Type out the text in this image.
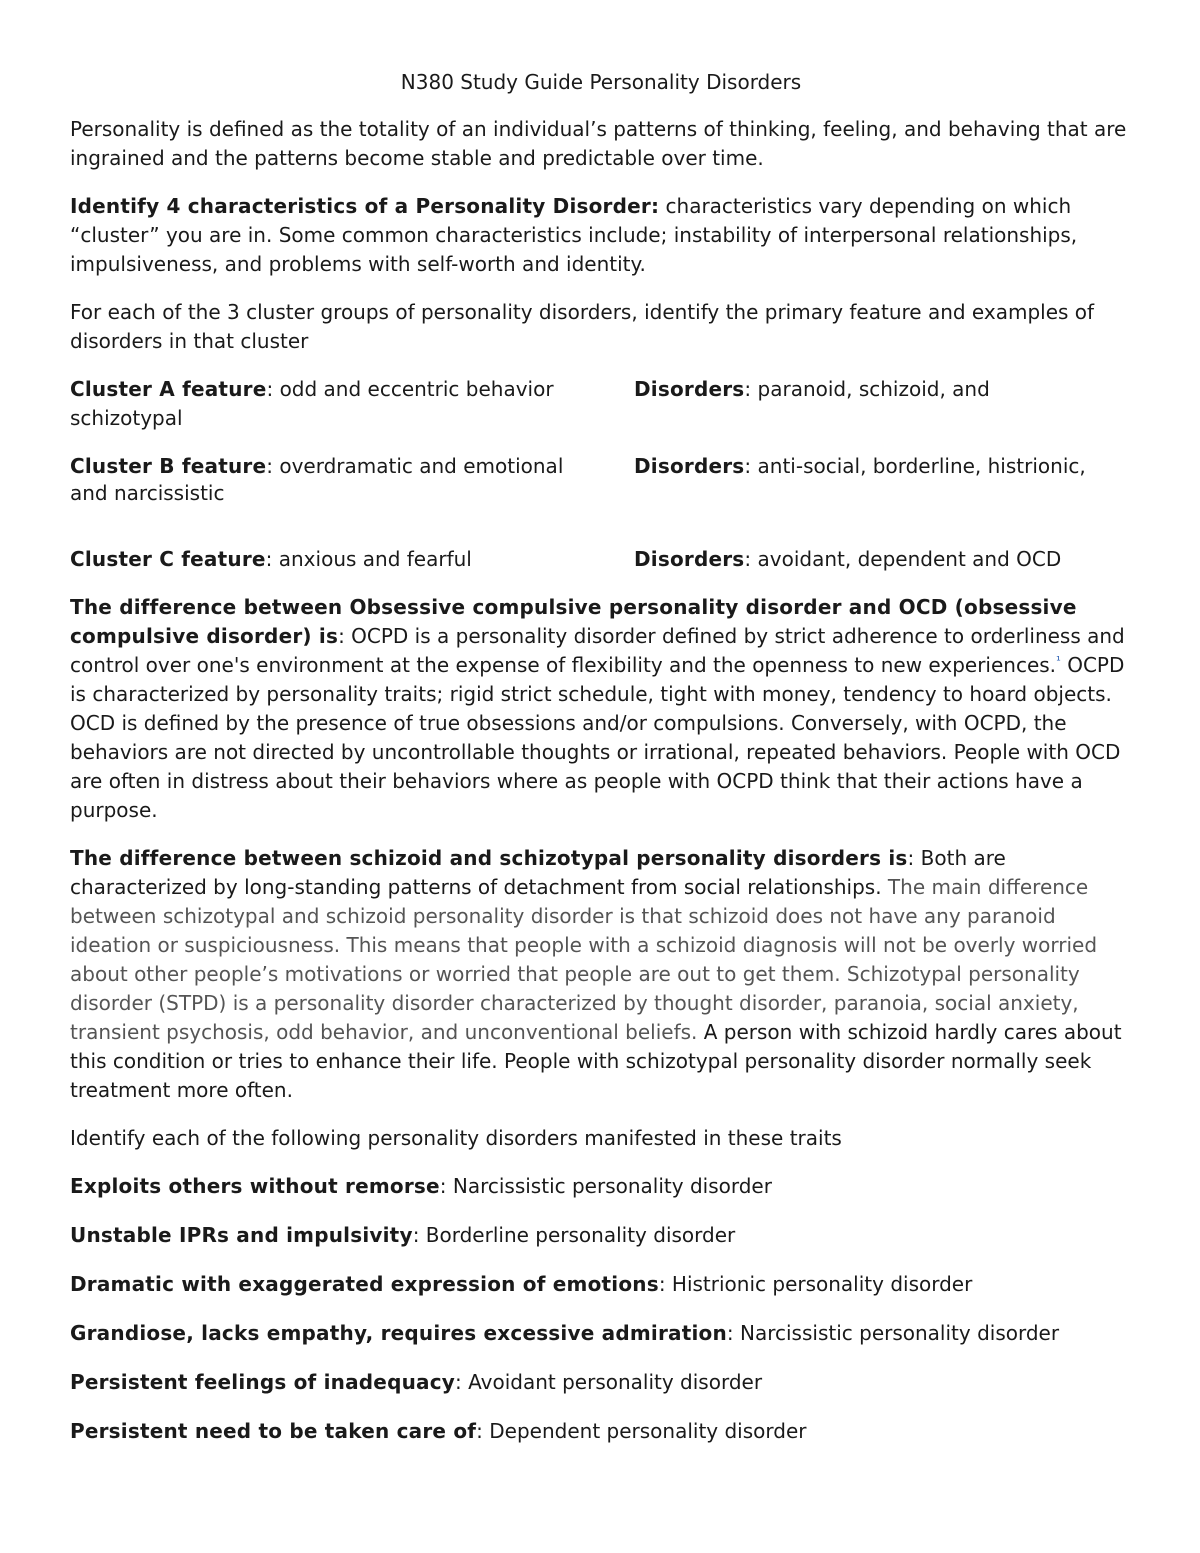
N380 Study Guide Personality Disorders

Personality is defined as the totality of an individual’s patterns of thinking, feeling, and behaving that are ingrained and the patterns become stable and predictable over time.

Identify 4 characteristics of a Personality Disorder: characteristics vary depending on which “cluster” you are in. Some common characteristics include; instability of interpersonal relationships, impulsiveness, and problems with self-worth and identity.

For each of the 3 cluster groups of personality disorders, identify the primary feature and examples of disorders in that cluster

Cluster A feature: odd and eccentric behavior	Disorders: paranoid, schizoid, and
schizotypal
Cluster B feature: overdramatic and emotional	Disorders: anti-social, borderline, histrionic,
and narcissistic
Cluster C feature: anxious and fearful	Disorders: avoidant, dependent and OCD

The difference between Obsessive compulsive personality disorder and OCD (obsessive compulsive disorder) is: OCPD is a personality disorder defined by strict adherence to orderliness and control over one's environment at the expense of flexibility and the openness to new experiences.$^{^1}$ OCPD is characterized by personality traits; rigid strict schedule, tight with money, tendency to hoard objects. OCD is defined by the presence of true obsessions and/or compulsions. Conversely, with OCPD, the behaviors are not directed by uncontrollable thoughts or irrational, repeated behaviors. People with OCD are often in distress about their behaviors where as people with OCPD think that their actions have a purpose.

The difference between schizoid and schizotypal personality disorders is: Both are characterized by long-standing patterns of detachment from social relationships. The main difference between schizotypal and schizoid personality disorder is that schizoid does not have any paranoid ideation or suspiciousness. This means that people with a schizoid diagnosis will not be overly worried about other people’s motivations or worried that people are out to get them. Schizotypal personality disorder (STPD) is a personality disorder characterized by thought disorder, paranoia, social anxiety, transient psychosis, odd behavior, and unconventional beliefs. A person with schizoid hardly cares about this condition or tries to enhance their life. People with schizotypal personality disorder normally seek treatment more often.

Identify each of the following personality disorders manifested in these traits

Exploits others without remorse: Narcissistic personality disorder

Unstable IPRs and impulsivity: Borderline personality disorder

Dramatic with exaggerated expression of emotions: Histrionic personality disorder

Grandiose, lacks empathy, requires excessive admiration: Narcissistic personality disorder

Persistent feelings of inadequacy: Avoidant personality disorder

Persistent need to be taken care of: Dependent personality disorder
